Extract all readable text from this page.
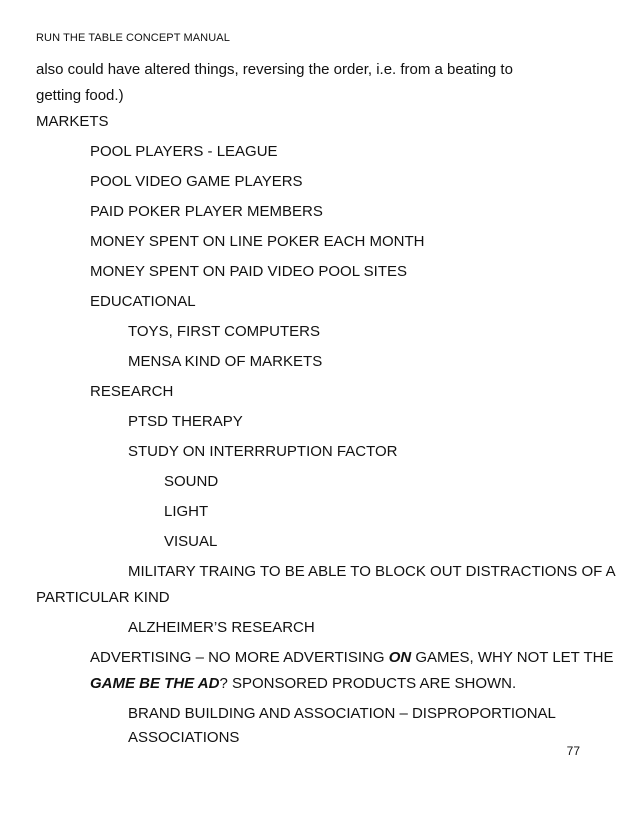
RUN THE TABLE CONCEPT MANUAL
also could have altered things, reversing the order, i.e. from a beating to
getting food.)
MARKETS
POOL PLAYERS - LEAGUE
POOL VIDEO GAME PLAYERS
PAID POKER PLAYER MEMBERS
MONEY SPENT ON LINE POKER EACH MONTH
MONEY SPENT ON PAID VIDEO POOL SITES
EDUCATIONAL
TOYS, FIRST COMPUTERS
MENSA KIND OF MARKETS
RESEARCH
PTSD THERAPY
STUDY ON INTERRRUPTION FACTOR
SOUND
LIGHT
VISUAL
MILITARY TRAING TO BE ABLE TO BLOCK OUT DISTRACTIONS OF A
PARTICULAR KIND
ALZHEIMER’S RESEARCH
ADVERTISING – NO MORE ADVERTISING ON GAMES, WHY NOT LET THE
GAME BE THE AD? SPONSORED PRODUCTS ARE SHOWN.
BRAND BUILDING AND ASSOCIATION – DISPROPORTIONAL
ASSOCIATIONS
77
